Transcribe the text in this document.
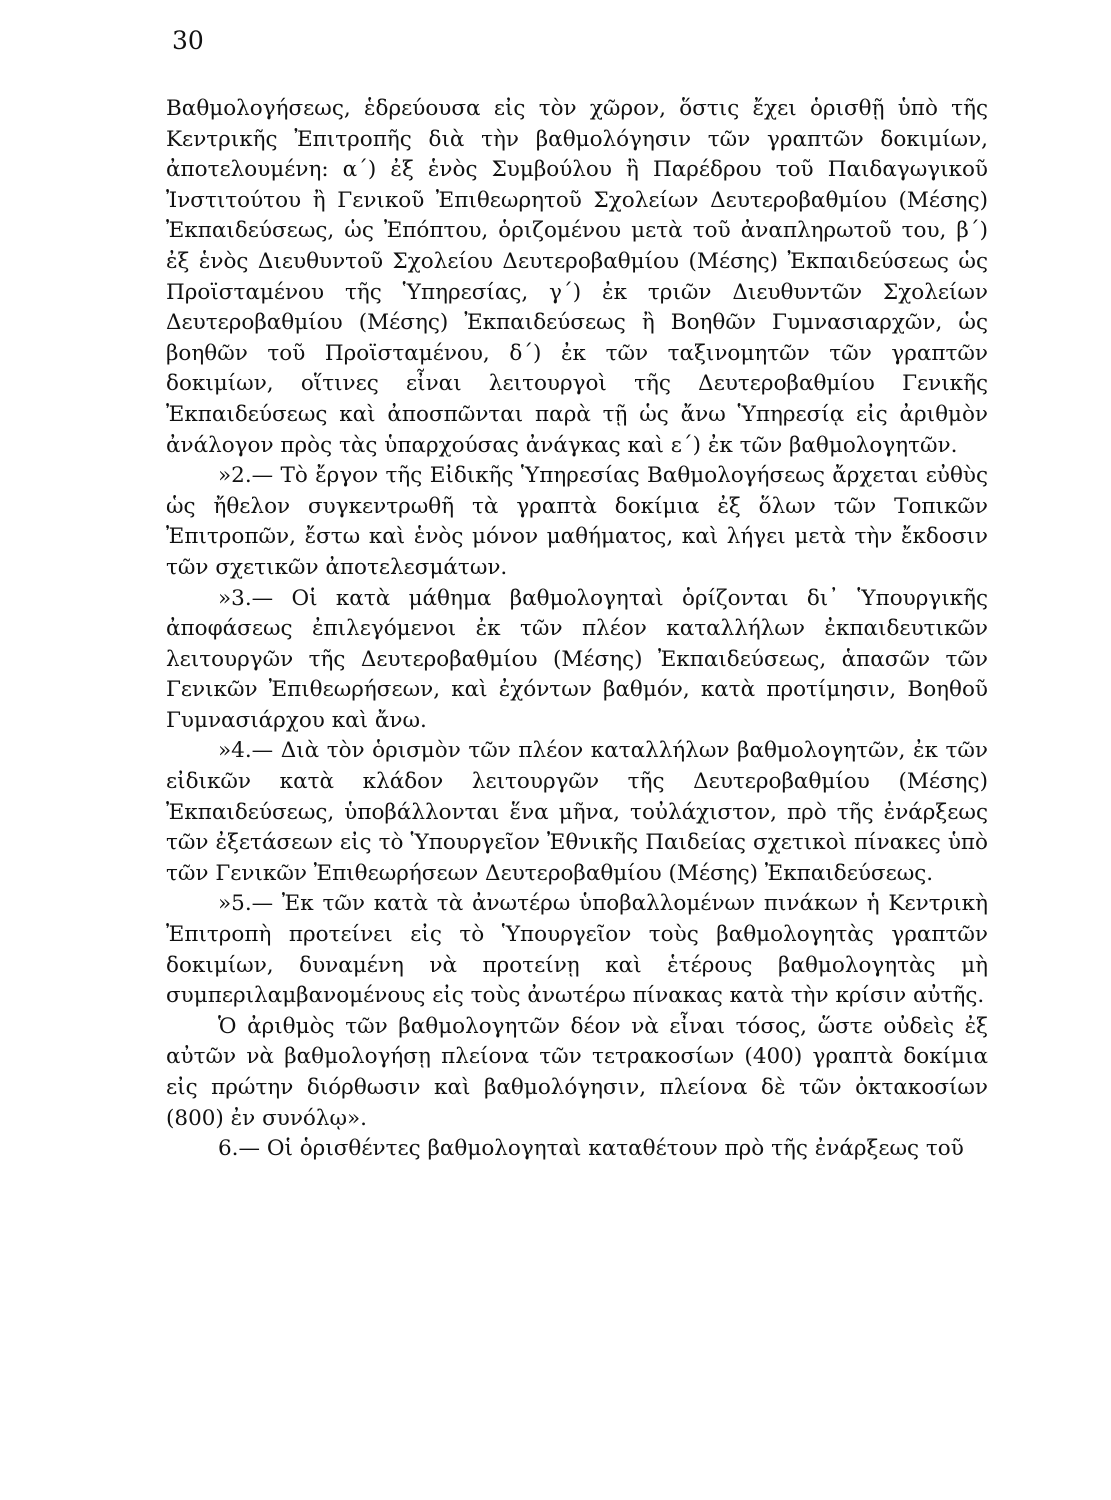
30

Βαθμολογήσεως, ἑδρεύουσα εἰς τὸν χῶρον, ὅστις ἔχει ὁρισθῇ ὑπὸ τῆς Κεντρικῆς Ἐπιτροπῆς διὰ τὴν βαθμολόγησιν τῶν γραπτῶν δοκιμίων, ἀποτελουμένη: α΄) ἐξ ἑνὸς Συμβούλου ἢ Παρέδρου τοῦ Παιδαγωγικοῦ Ἰνστιτούτου ἢ Γενικοῦ Ἐπιθεωρητοῦ Σχολείων Δευτεροβαθμίου (Μέσης) Ἐκπαιδεύσεως, ὡς Ἐπόπτου, ὁριζομένου μετὰ τοῦ ἀναπληρωτοῦ του, β΄) ἐξ ἑνὸς Διευθυντοῦ Σχολείου Δευτεροβαθμίου (Μέσης) Ἐκπαιδεύσεως ὡς Προϊσταμένου τῆς Ὑπηρεσίας, γ΄) ἐκ τριῶν Διευθυντῶν Σχολείων Δευτεροβαθμίου (Μέσης) Ἐκπαιδεύσεως ἢ Βοηθῶν Γυμνασιαρχῶν, ὡς βοηθῶν τοῦ Προϊσταμένου, δ΄) ἐκ τῶν ταξινομητῶν τῶν γραπτῶν δοκιμίων, οἵτινες εἶναι λειτουργοὶ τῆς Δευτεροβαθμίου Γενικῆς Ἐκπαιδεύσεως καὶ ἀποσπῶνται παρὰ τῇ ὡς ἄνω Ὑπηρεσίᾳ εἰς ἀριθμὸν ἀνάλογον πρὸς τὰς ὑπαρχούσας ἀνάγκας καὶ ε΄) ἐκ τῶν βαθμολογητῶν.

»2.— Τὸ ἔργον τῆς Εἰδικῆς Ὑπηρεσίας Βαθμολογήσεως ἄρχεται εὐθὺς ὡς ἤθελον συγκεντρωθῆ τὰ γραπτὰ δοκίμια ἐξ ὅλων τῶν Τοπικῶν Ἐπιτροπῶν, ἔστω καὶ ἑνὸς μόνον μαθήματος, καὶ λήγει μετὰ τὴν ἔκδοσιν τῶν σχετικῶν ἀποτελεσμάτων.

»3.— Οἱ κατὰ μάθημα βαθμολογηταὶ ὁρίζονται δι᾽ Ὑπουργικῆς ἀποφάσεως ἐπιλεγόμενοι ἐκ τῶν πλέον καταλλήλων ἐκπαιδευτικῶν λειτουργῶν τῆς Δευτεροβαθμίου (Μέσης) Ἐκπαιδεύσεως, ἁπασῶν τῶν Γενικῶν Ἐπιθεωρήσεων, καὶ ἐχόντων βαθμόν, κατὰ προτίμησιν, Βοηθοῦ Γυμνασιάρχου καὶ ἄνω.

»4.— Διὰ τὸν ὁρισμὸν τῶν πλέον καταλλήλων βαθμολογητῶν, ἐκ τῶν εἰδικῶν κατὰ κλάδον λειτουργῶν τῆς Δευτεροβαθμίου (Μέσης) Ἐκπαιδεύσεως, ὑποβάλλονται ἕνα μῆνα, τοὐλάχιστον, πρὸ τῆς ἐνάρξεως τῶν ἐξετάσεων εἰς τὸ Ὑπουργεῖον Ἐθνικῆς Παιδείας σχετικοὶ πίνακες ὑπὸ τῶν Γενικῶν Ἐπιθεωρήσεων Δευτεροβαθμίου (Μέσης) Ἐκπαιδεύσεως.

»5.— Ἐκ τῶν κατὰ τὰ ἀνωτέρω ὑποβαλλομένων πινάκων ἡ Κεντρικὴ Ἐπιτροπὴ προτείνει εἰς τὸ Ὑπουργεῖον τοὺς βαθμολογητὰς γραπτῶν δοκιμίων, δυναμένη νὰ προτείνῃ καὶ ἑτέρους βαθμολογητὰς μὴ συμπεριλαμβανομένους εἰς τοὺς ἀνωτέρω πίνακας κατὰ τὴν κρίσιν αὐτῆς.

Ὁ ἀριθμὸς τῶν βαθμολογητῶν δέον νὰ εἶναι τόσος, ὥστε οὐδεὶς ἐξ αὐτῶν νὰ βαθμολογήσῃ πλείονα τῶν τετρακοσίων (400) γραπτὰ δοκίμια εἰς πρώτην διόρθωσιν καὶ βαθμολόγησιν, πλείονα δὲ τῶν ὀκτακοσίων (800) ἐν συνόλῳ».

6.— Οἱ ὁρισθέντες βαθμολογηταὶ καταθέτουν πρὸ τῆς ἐνάρξεως τοῦ
